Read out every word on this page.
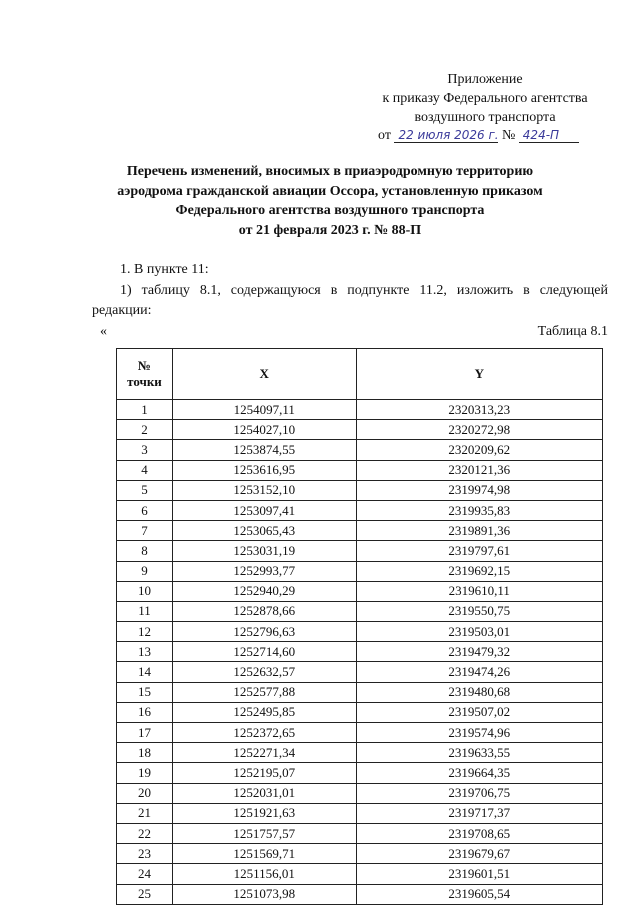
Приложение
к приказу Федерального агентства
воздушного транспорта
от 22 июля 2026 г. № 424-П
Перечень изменений, вносимых в приаэродромную территорию
аэродрома гражданской авиации Оссора, установленную приказом
Федерального агентства воздушного транспорта
от 21 февраля 2023 г. № 88-П
1. В пункте 11:
1) таблицу 8.1, содержащуюся в подпункте 11.2, изложить в следующей редакции:
«	Таблица 8.1
№
точки	X	Y
1	1254097,11	2320313,23
2	1254027,10	2320272,98
3	1253874,55	2320209,62
4	1253616,95	2320121,36
5	1253152,10	2319974,98
6	1253097,41	2319935,83
7	1253065,43	2319891,36
8	1253031,19	2319797,61
9	1252993,77	2319692,15
10	1252940,29	2319610,11
11	1252878,66	2319550,75
12	1252796,63	2319503,01
13	1252714,60	2319479,32
14	1252632,57	2319474,26
15	1252577,88	2319480,68
16	1252495,85	2319507,02
17	1252372,65	2319574,96
18	1252271,34	2319633,55
19	1252195,07	2319664,35
20	1252031,01	2319706,75
21	1251921,63	2319717,37
22	1251757,57	2319708,65
23	1251569,71	2319679,67
24	1251156,01	2319601,51
25	1251073,98	2319605,54
